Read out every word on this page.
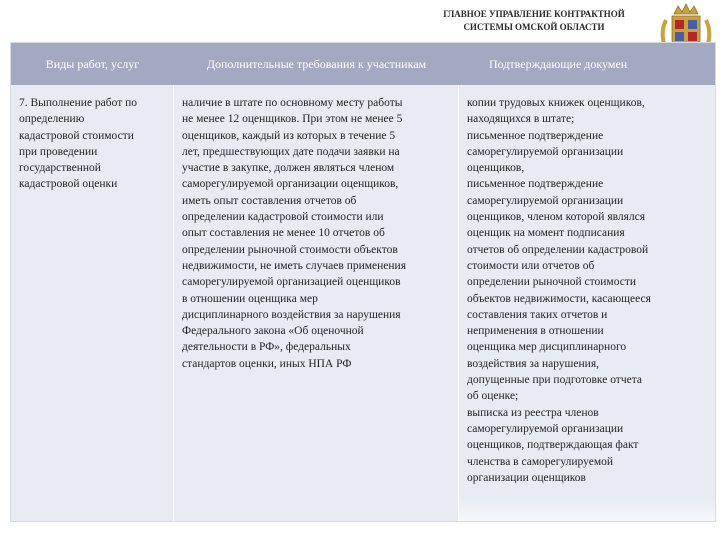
ГЛАВНОЕ УПРАВЛЕНИЕ КОНТРАКТНОЙ
СИСТЕМЫ ОМСКОЙ ОБЛАСТИ
Виды работ, услуг	Дополнительные требования к участникам	Подтверждающие докумен
7. Выполнение работ по
определению
кадастровой стоимости
при проведении
государственной
кадастровой оценки
наличие в штате по основному месту работы
не менее 12 оценщиков. При этом не менее 5
оценщиков, каждый из которых в течение 5
лет, предшествующих дате подачи заявки на
участие в закупке, должен являться членом
саморегулируемой организации оценщиков,
иметь опыт составления отчетов об
определении кадастровой стоимости или
опыт составления не менее 10 отчетов об
определении рыночной стоимости объектов
недвижимости, не иметь случаев применения
саморегулируемой организацией оценщиков
в отношении оценщика мер
дисциплинарного воздействия за нарушения
Федерального закона «Об оценочной
деятельности в РФ», федеральных
стандартов оценки, иных НПА РФ
копии трудовых книжек оценщиков,
находящихся в штате;
письменное подтверждение
саморегулируемой организации
оценщиков,
письменное подтверждение
саморегулируемой организации
оценщиков, членом которой являлся
оценщик на момент подписания
отчетов об определении кадастровой
стоимости или отчетов об
определении рыночной стоимости
объектов недвижимости, касающееся
составления таких отчетов и
неприменения в отношении
оценщика мер дисциплинарного
воздействия за нарушения,
допущенные при подготовке отчета
об оценке;
выписка из реестра членов
саморегулируемой организации
оценщиков, подтверждающая факт
членства в саморегулируемой
организации оценщиков
